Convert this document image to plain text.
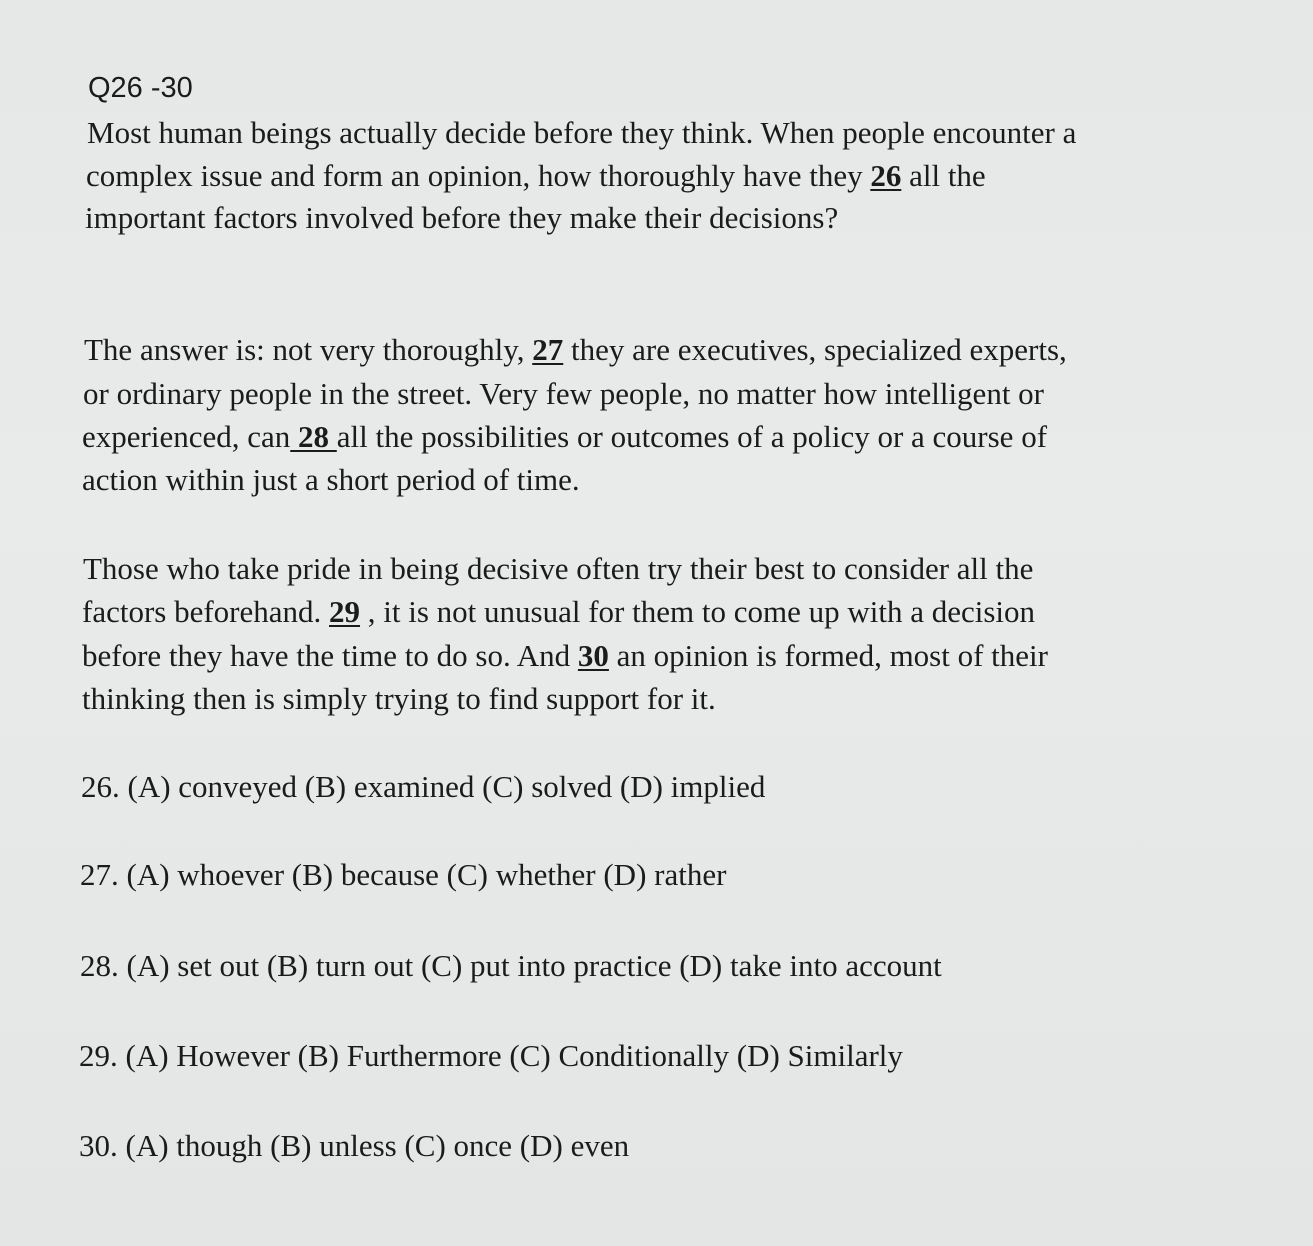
Q26 -30
Most human beings actually decide before they think. When people encounter a
complex issue and form an opinion, how thoroughly have they 26 all the
important factors involved before they make their decisions?
The answer is: not very thoroughly, 27 they are executives, specialized experts,
or ordinary people in the street. Very few people, no matter how intelligent or
experienced, can 28 all the possibilities or outcomes of a policy or a course of
action within just a short period of time.
Those who take pride in being decisive often try their best to consider all the
factors beforehand. 29 , it is not unusual for them to come up with a decision
before they have the time to do so. And 30 an opinion is formed, most of their
thinking then is simply trying to find support for it.
26. (A) conveyed (B) examined (C) solved (D) implied
27. (A) whoever (B) because (C) whether (D) rather
28. (A) set out (B) turn out (C) put into practice (D) take into account
29. (A) However (B) Furthermore (C) Conditionally (D) Similarly
30. (A) though (B) unless (C) once (D) even
